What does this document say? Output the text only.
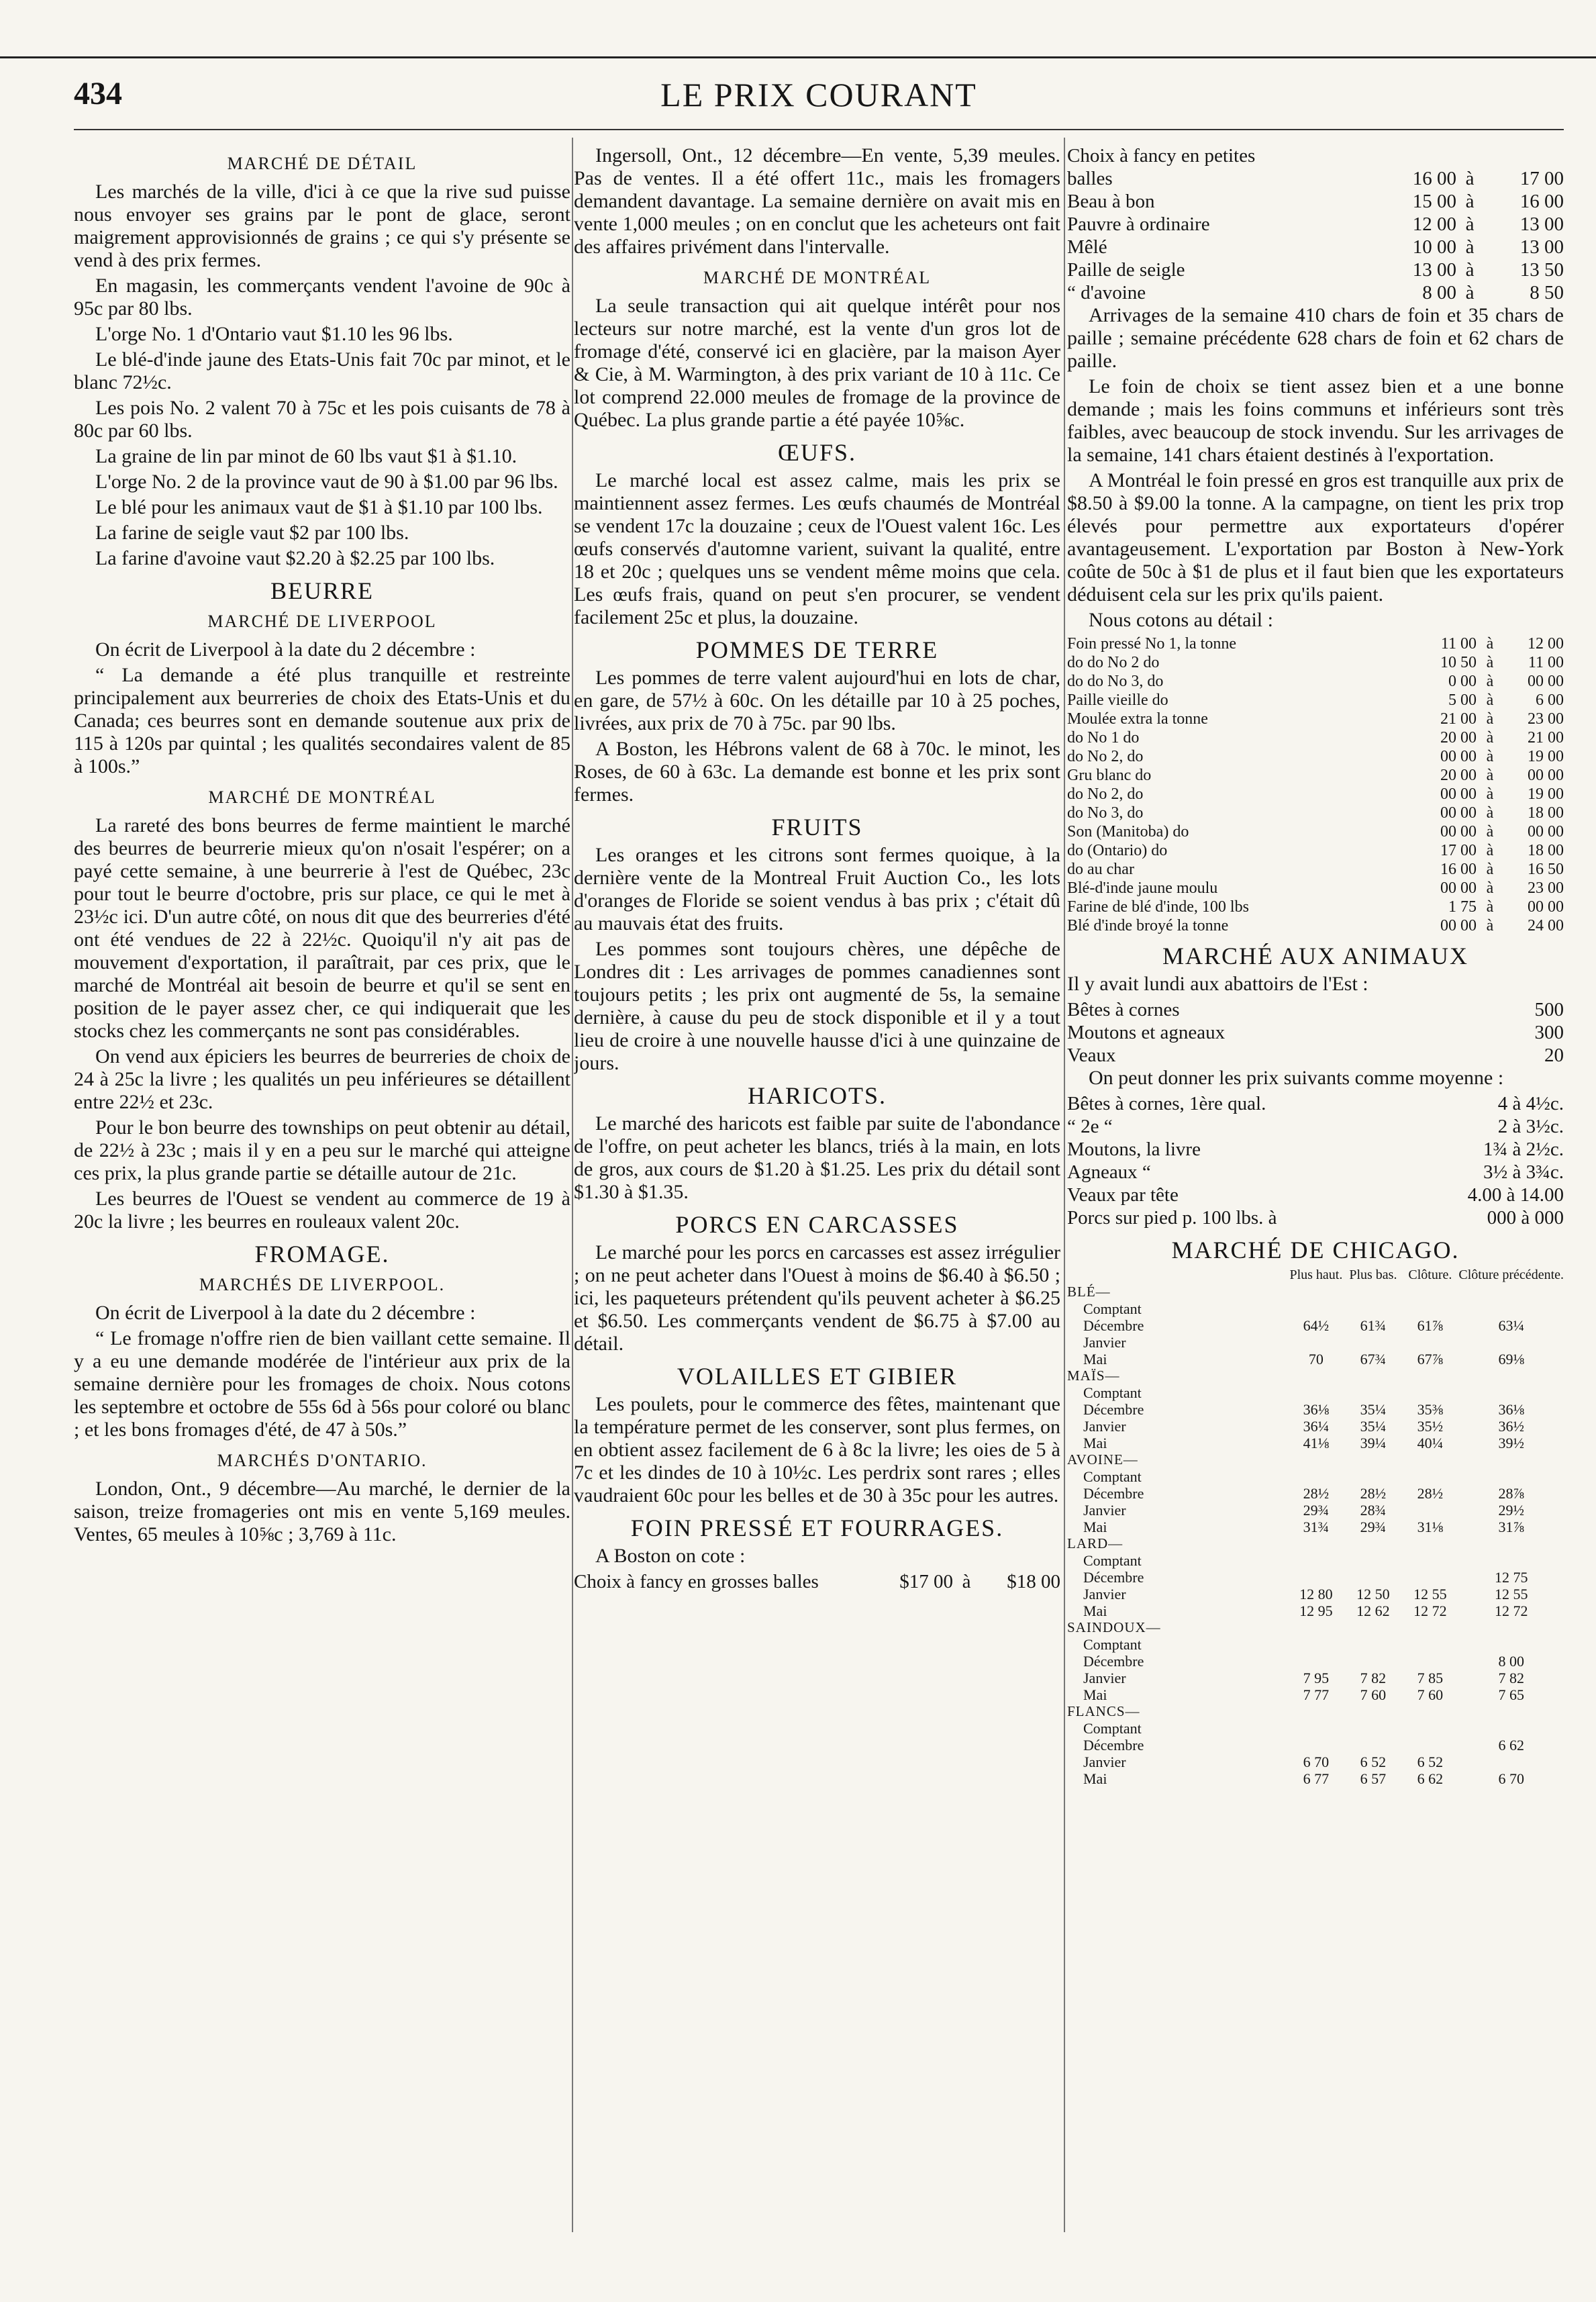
434	LE PRIX COURANT
MARCHÉ DE DÉTAIL

Les marchés de la ville, d'ici à ce que la rive sud puisse nous envoyer ses grains par le pont de glace, seront maigrement approvisionnés de grains ; ce qui s'y présente se vend à des prix fermes.

En magasin, les commerçants vendent l'avoine de 90c à 95c par 80 lbs.

L'orge No. 1 d'Ontario vaut $1.10 les 96 lbs.

Le blé-d'inde jaune des Etats-Unis fait 70c par minot, et le blanc 72½c.

Les pois No. 2 valent 70 à 75c et les pois cuisants de 78 à 80c par 60 lbs.

La graine de lin par minot de 60 lbs vaut $1 à $1.10.

L'orge No. 2 de la province vaut de 90 à $1.00 par 96 lbs.

Le blé pour les animaux vaut de $1 à $1.10 par 100 lbs.

La farine de seigle vaut $2 par 100 lbs.

La farine d'avoine vaut $2.20 à $2.25 par 100 lbs.

BEURRE
MARCHÉ DE LIVERPOOL

On écrit de Liverpool à la date du 2 décembre :

“ La demande a été plus tranquille et restreinte principalement aux beurreries de choix des Etats-Unis et du Canada; ces beurres sont en demande soutenue aux prix de 115 à 120s par quintal ; les qualités secondaires valent de 85 à 100s.”

MARCHÉ DE MONTRÉAL

La rareté des bons beurres de ferme maintient le marché des beurres de beurrerie mieux qu'on n'osait l'espérer; on a payé cette semaine, à une beurrerie à l'est de Québec, 23c pour tout le beurre d'octobre, pris sur place, ce qui le met à 23½c ici. D'un autre côté, on nous dit que des beurreries d'été ont été vendues de 22 à 22½c. Quoiqu'il n'y ait pas de mouvement d'exportation, il paraîtrait, par ces prix, que le marché de Montréal ait besoin de beurre et qu'il se sent en position de le payer assez cher, ce qui indiquerait que les stocks chez les commerçants ne sont pas considérables.

On vend aux épiciers les beurres de beurreries de choix de 24 à 25c la livre ; les qualités un peu inférieures se détaillent entre 22½ et 23c.

Pour le bon beurre des townships on peut obtenir au détail, de 22½ à 23c ; mais il y en a peu sur le marché qui atteigne ces prix, la plus grande partie se détaille autour de 21c.

Les beurres de l'Ouest se vendent au commerce de 19 à 20c la livre ; les beurres en rouleaux valent 20c.

FROMAGE.
MARCHÉS DE LIVERPOOL.

On écrit de Liverpool à la date du 2 décembre :

“ Le fromage n'offre rien de bien vaillant cette semaine. Il y a eu une demande modérée de l'intérieur aux prix de la semaine dernière pour les fromages de choix. Nous cotons les septembre et octobre de 55s 6d à 56s pour coloré ou blanc ; et les bons fromages d'été, de 47 à 50s.”

MARCHÉS D'ONTARIO.

London, Ont., 9 décembre—Au marché, le dernier de la saison, treize fromageries ont mis en vente 5,169 meules. Ventes, 65 meules à 10⅝c ; 3,769 à 11c.

Ingersoll, Ont., 12 décembre—En vente, 5,39 meules. Pas de ventes. Il a été offert 11c., mais les fromagers demandent davantage. La semaine dernière on avait mis en vente 1,000 meules ; on en conclut que les acheteurs ont fait des affaires privément dans l'intervalle.

MARCHÉ DE MONTRÉAL

La seule transaction qui ait quelque intérêt pour nos lecteurs sur notre marché, est la vente d'un gros lot de fromage d'été, conservé ici en glacière, par la maison Ayer & Cie, à M. Warmington, à des prix variant de 10 à 11c. Ce lot comprend 22.000 meules de fromage de la province de Québec. La plus grande partie a été payée 10⅝c.

ŒUFS.

Le marché local est assez calme, mais les prix se maintiennent assez fermes. Les œufs chaumés de Montréal se vendent 17c la douzaine ; ceux de l'Ouest valent 16c. Les œufs conservés d'automne varient, suivant la qualité, entre 18 et 20c ; quelques uns se vendent même moins que cela. Les œufs frais, quand on peut s'en procurer, se vendent facilement 25c et plus, la douzaine.

POMMES DE TERRE

Les pommes de terre valent aujourd'hui en lots de char, en gare, de 57½ à 60c. On les détaille par 10 à 25 poches, livrées, aux prix de 70 à 75c. par 90 lbs.

A Boston, les Hébrons valent de 68 à 70c. le minot, les Roses, de 60 à 63c. La demande est bonne et les prix sont fermes.

FRUITS

Les oranges et les citrons sont fermes quoique, à la dernière vente de la Montreal Fruit Auction Co., les lots d'oranges de Floride se soient vendus à bas prix ; c'était dû au mauvais état des fruits.

Les pommes sont toujours chères, une dépêche de Londres dit : Les arrivages de pommes canadiennes sont toujours petits ; les prix ont augmenté de 5s, la semaine dernière, à cause du peu de stock disponible et il y a tout lieu de croire à une nouvelle hausse d'ici à une quinzaine de jours.

HARICOTS.

Le marché des haricots est faible par suite de l'abondance de l'offre, on peut acheter les blancs, triés à la main, en lots de gros, aux cours de $1.20 à $1.25. Les prix du détail sont $1.30 à $1.35.

PORCS EN CARCASSES

Le marché pour les porcs en carcasses est assez irrégulier ; on ne peut acheter dans l'Ouest à moins de $6.40 à $6.50 ; ici, les paqueteurs prétendent qu'ils peuvent acheter à $6.25 et $6.50. Les commerçants vendent de $6.75 à $7.00 au détail.

VOLAILLES ET GIBIER

Les poulets, pour le commerce des fêtes, maintenant que la température permet de les conserver, sont plus fermes, on en obtient assez facilement de 6 à 8c la livre; les oies de 5 à 7c et les dindes de 10 à 10½c. Les perdrix sont rares ; elles vaudraient 60c pour les belles et de 30 à 35c pour les autres.

FOIN PRESSÉ ET FOURRAGES.

A Boston on cote :

Choix à fancy en grosses balles	$17 00	à	$18 00
Choix à fancy en petites			
balles	16 00	à	17 00
Beau à bon	15 00	à	16 00
Pauvre à ordinaire	12 00	à	13 00
Mêlé	10 00	à	13 00
Paille de seigle	13 00	à	13 50
“ d'avoine	8 00	à	8 50

Arrivages de la semaine 410 chars de foin et 35 chars de paille ; semaine précédente 628 chars de foin et 62 chars de paille.

Le foin de choix se tient assez bien et a une bonne demande ; mais les foins communs et inférieurs sont très faibles, avec beaucoup de stock invendu. Sur les arrivages de la semaine, 141 chars étaient destinés à l'exportation.

A Montréal le foin pressé en gros est tranquille aux prix de $8.50 à $9.00 la tonne. A la campagne, on tient les prix trop élevés pour permettre aux exportateurs d'opérer avantageusement. L'exportation par Boston à New-York coûte de 50c à $1 de plus et il faut bien que les exportateurs déduisent cela sur les prix qu'ils paient.

Nous cotons au détail :

Foin pressé No 1, la tonne	11 00	à	12 00
do do No 2 do	10 50	à	11 00
do do No 3, do	0 00	à	00 00
Paille vieille do	5 00	à	6 00
Moulée extra la tonne	21 00	à	23 00
do No 1 do	20 00	à	21 00
do No 2, do	00 00	à	19 00
Gru blanc do	20 00	à	00 00
do No 2, do	00 00	à	19 00
do No 3, do	00 00	à	18 00
Son (Manitoba) do	00 00	à	00 00
do (Ontario) do	17 00	à	18 00
do au char	16 00	à	16 50
Blé-d'inde jaune moulu	00 00	à	23 00
Farine de blé d'inde, 100 lbs	1 75	à	00 00
Blé d'inde broyé la tonne	00 00	à	24 00
MARCHÉ AUX ANIMAUX

Il y avait lundi aux abattoirs de l'Est :

Bêtes à cornes	500
Moutons et agneaux	300
Veaux	20

On peut donner les prix suivants comme moyenne :

Bêtes à cornes, 1ère qual.	4 à 4½c.
“ 2e “	2 à 3½c.
Moutons, la livre	1¾ à 2½c.
Agneaux “	3½ à 3¾c.
Veaux par tête	4.00 à 14.00
Porcs sur pied p. 100 lbs. à	000 à 000
MARCHÉ DE CHICAGO.
	Plus haut.	Plus bas.	Clôture.	Clôture précédente.
BLÉ—				
Comptant				
Décembre	64½	61¾	61⅞	63¼
Janvier				
Mai	70	67¾	67⅞	69⅛
MAÏS—				
Comptant				
Décembre	36⅛	35¼	35⅜	36⅛
Janvier	36¼	35¼	35½	36½
Mai	41⅛	39¼	40¼	39½
AVOINE—				
Comptant				
Décembre	28½	28½	28½	28⅞
Janvier	29¾	28¾		29½
Mai	31¾	29¾	31⅛	31⅞
LARD—				
Comptant				
Décembre				12 75
Janvier	12 80	12 50	12 55	12 55
Mai	12 95	12 62	12 72	12 72
SAINDOUX—				
Comptant				
Décembre				8 00
Janvier	7 95	7 82	7 85	7 82
Mai	7 77	7 60	7 60	7 65
FLANCS—				
Comptant				
Décembre				6 62
Janvier	6 70	6 52	6 52	
Mai	6 77	6 57	6 62	6 70
